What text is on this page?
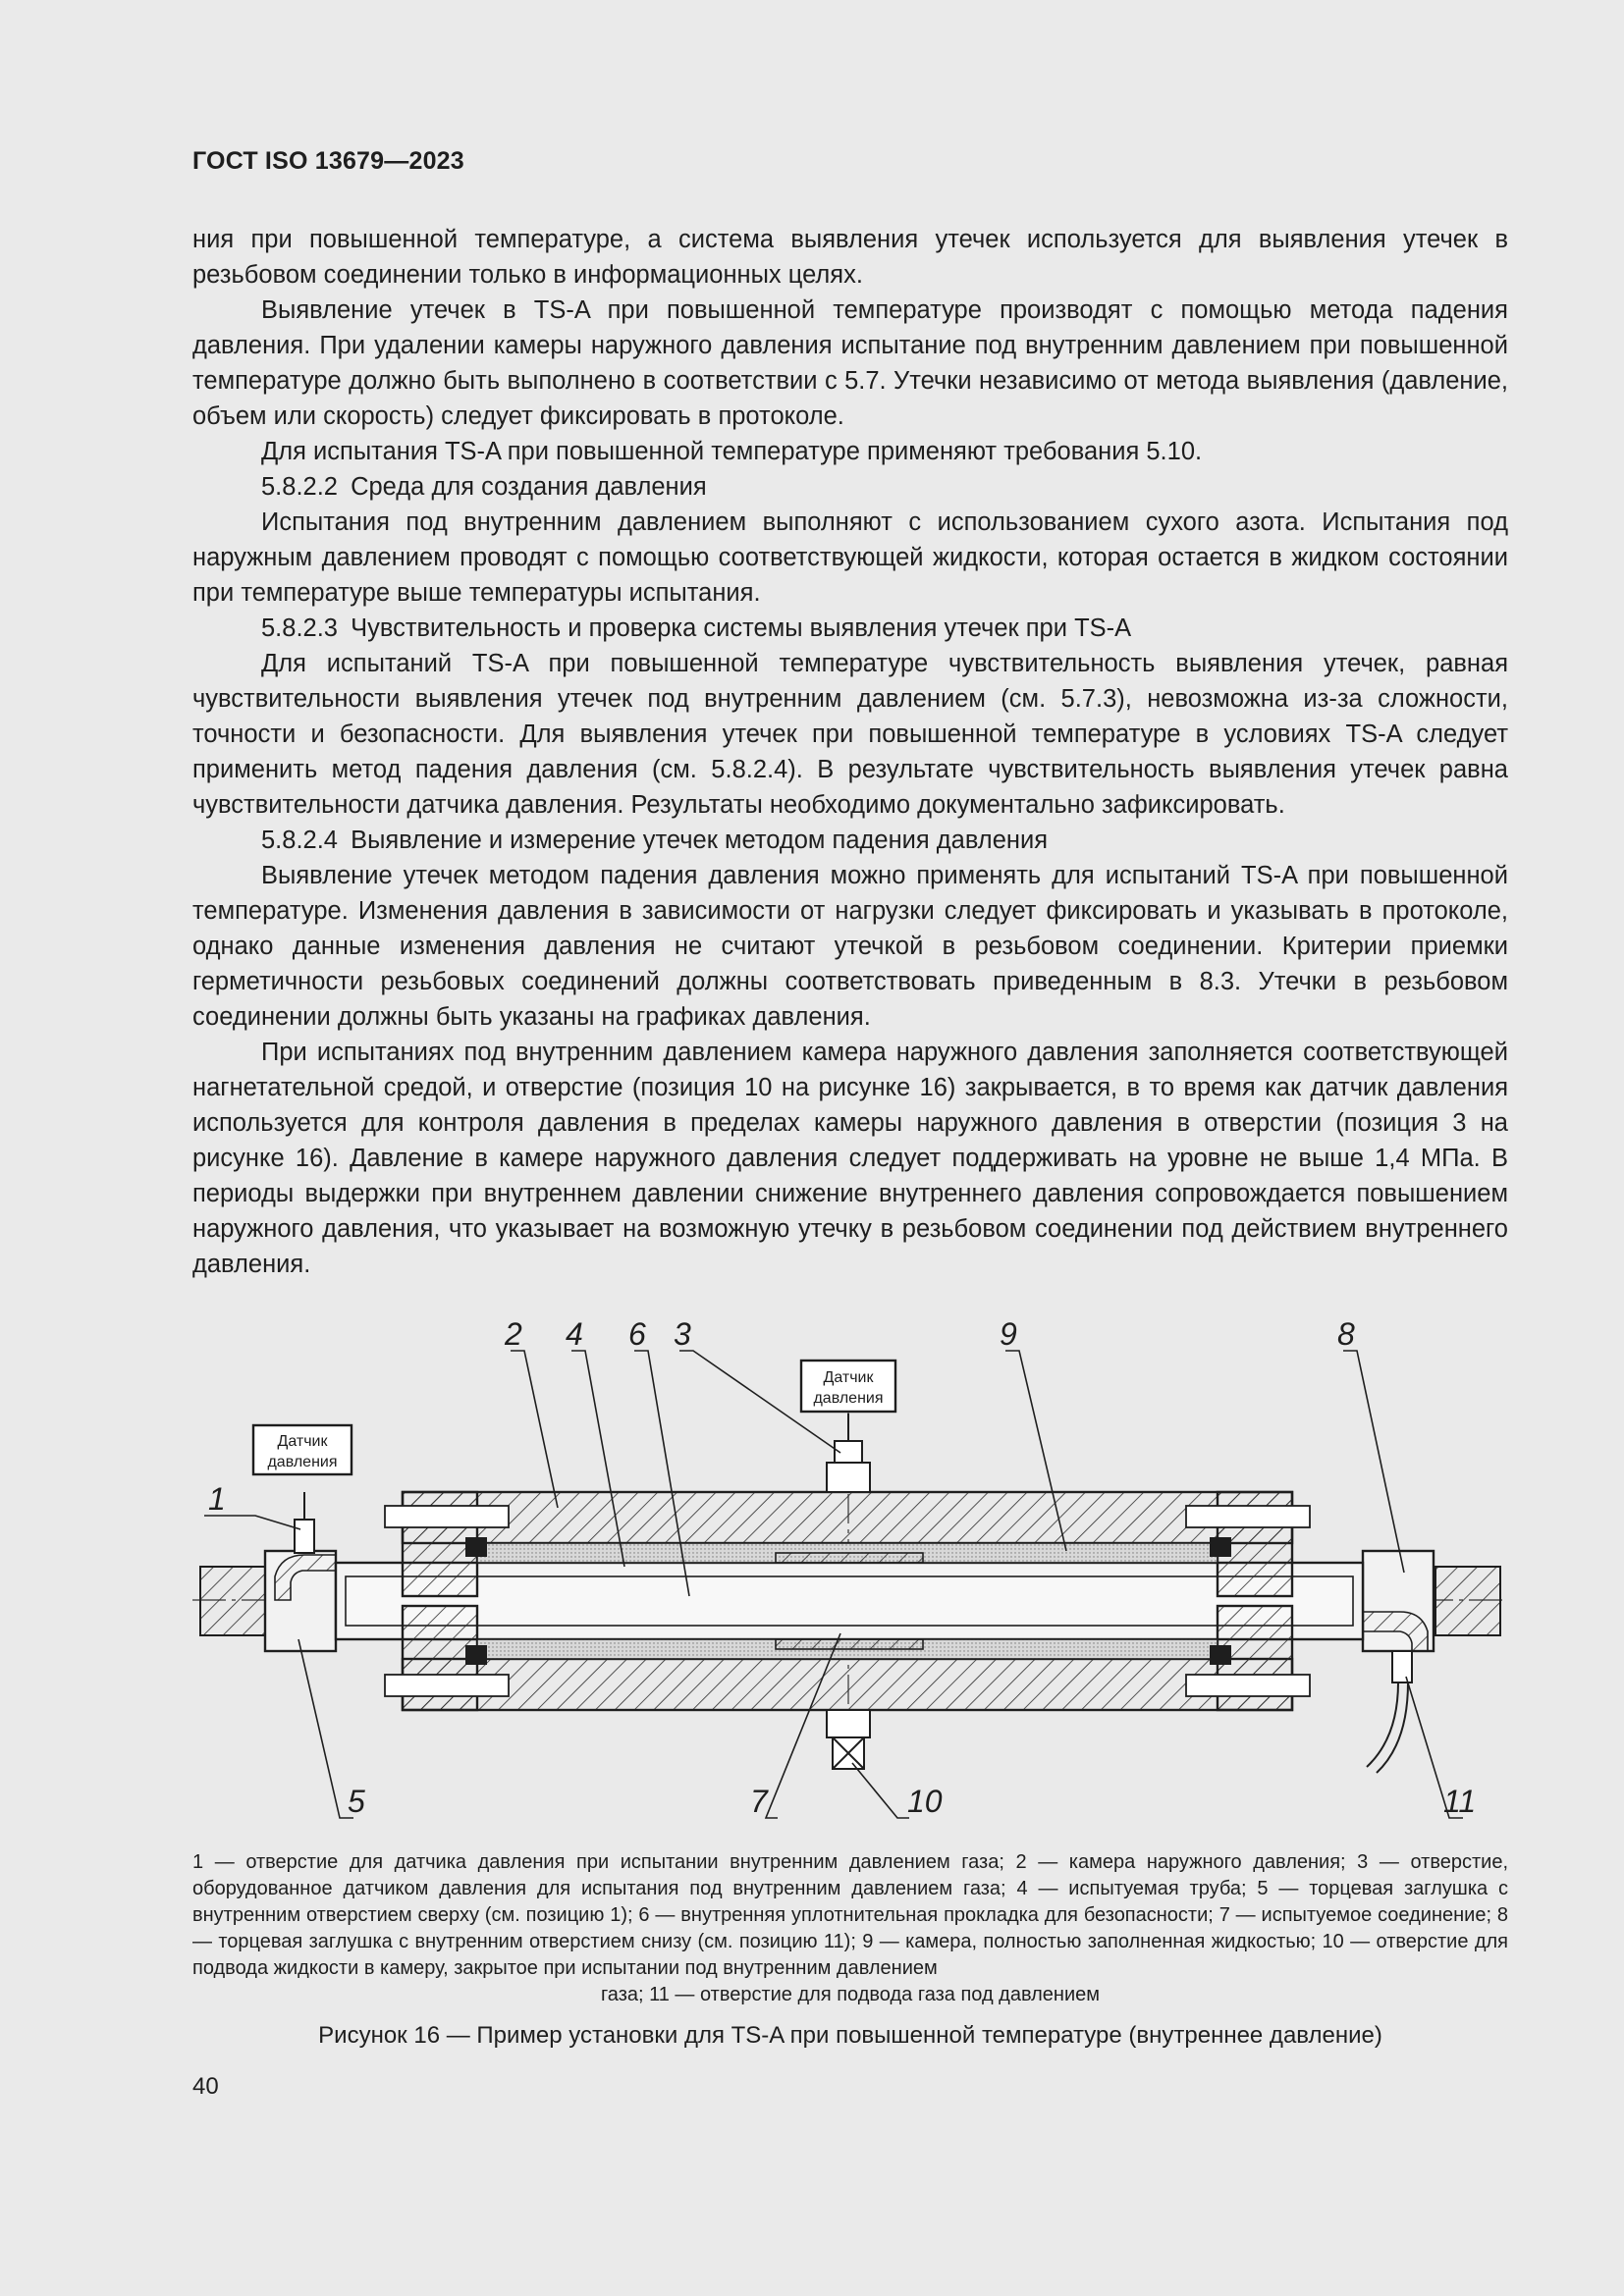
ГОСТ ISO 13679—2023

ния при повышенной температуре, а система выявления утечек используется для выявления утечек в резьбовом соединении только в информационных целях.

Выявление утечек в TS-A при повышенной температуре производят с помощью метода падения давления. При удалении камеры наружного давления испытание под внутренним давлением при повышенной температуре должно быть выполнено в соответствии с 5.7. Утечки независимо от метода выявления (давление, объем или скорость) следует фиксировать в протоколе.

Для испытания TS-A при повышенной температуре применяют требования 5.10.

5.8.2.2 Среда для создания давления

Испытания под внутренним давлением выполняют с использованием сухого азота. Испытания под наружным давлением проводят с помощью соответствующей жидкости, которая остается в жидком состоянии при температуре выше температуры испытания.

5.8.2.3 Чувствительность и проверка системы выявления утечек при TS-A

Для испытаний TS-A при повышенной температуре чувствительность выявления утечек, равная чувствительности выявления утечек под внутренним давлением (см. 5.7.3), невозможна из-за сложности, точности и безопасности. Для выявления утечек при повышенной температуре в условиях TS-A следует применить метод падения давления (см. 5.8.2.4). В результате чувствительность выявления утечек равна чувствительности датчика давления. Результаты необходимо документально зафиксировать.

5.8.2.4 Выявление и измерение утечек методом падения давления

Выявление утечек методом падения давления можно применять для испытаний TS-A при повышенной температуре. Изменения давления в зависимости от нагрузки следует фиксировать и указывать в протоколе, однако данные изменения давления не считают утечкой в резьбовом соединении. Критерии приемки герметичности резьбовых соединений должны соответствовать приведенным в 8.3. Утечки в резьбовом соединении должны быть указаны на графиках давления.

При испытаниях под внутренним давлением камера наружного давления заполняется соответствующей нагнетательной средой, и отверстие (позиция 10 на рисунке 16) закрывается, в то время как датчик давления используется для контроля давления в пределах камеры наружного давления в отверстии (позиция 3 на рисунке 16). Давление в камере наружного давления следует поддерживать на уровне не выше 1,4 МПа. В периоды выдержки при внутреннем давлении снижение внутреннего давления сопровождается повышением наружного давления, что указывает на возможную утечку в резьбовом соединении под действием внутреннего давления.

Датчик
давления
Датчик
давления
1
2 4 6 3	9	8
5	7	10	11
1 — отверстие для датчика давления при испытании внутренним давлением газа; 2 — камера наружного давления; 3 — отверстие, оборудованное датчиком давления для испытания под внутренним давлением газа; 4 — испытуемая труба; 5 — торцевая заглушка с внутренним отверстием сверху (см. позицию 1); 6 — внутренняя уплотнительная прокладка для безопасности; 7 — испытуемое соединение; 8 — торцевая заглушка с внутренним отверстием снизу (см. позицию 11); 9 — камера, полностью заполненная жидкостью; 10 — отверстие для подвода жидкости в камеру, закрытое при испытании под внутренним давлением
газа; 11 — отверстие для подвода газа под давлением
Рисунок 16 — Пример установки для TS-A при повышенной температуре (внутреннее давление)
40
